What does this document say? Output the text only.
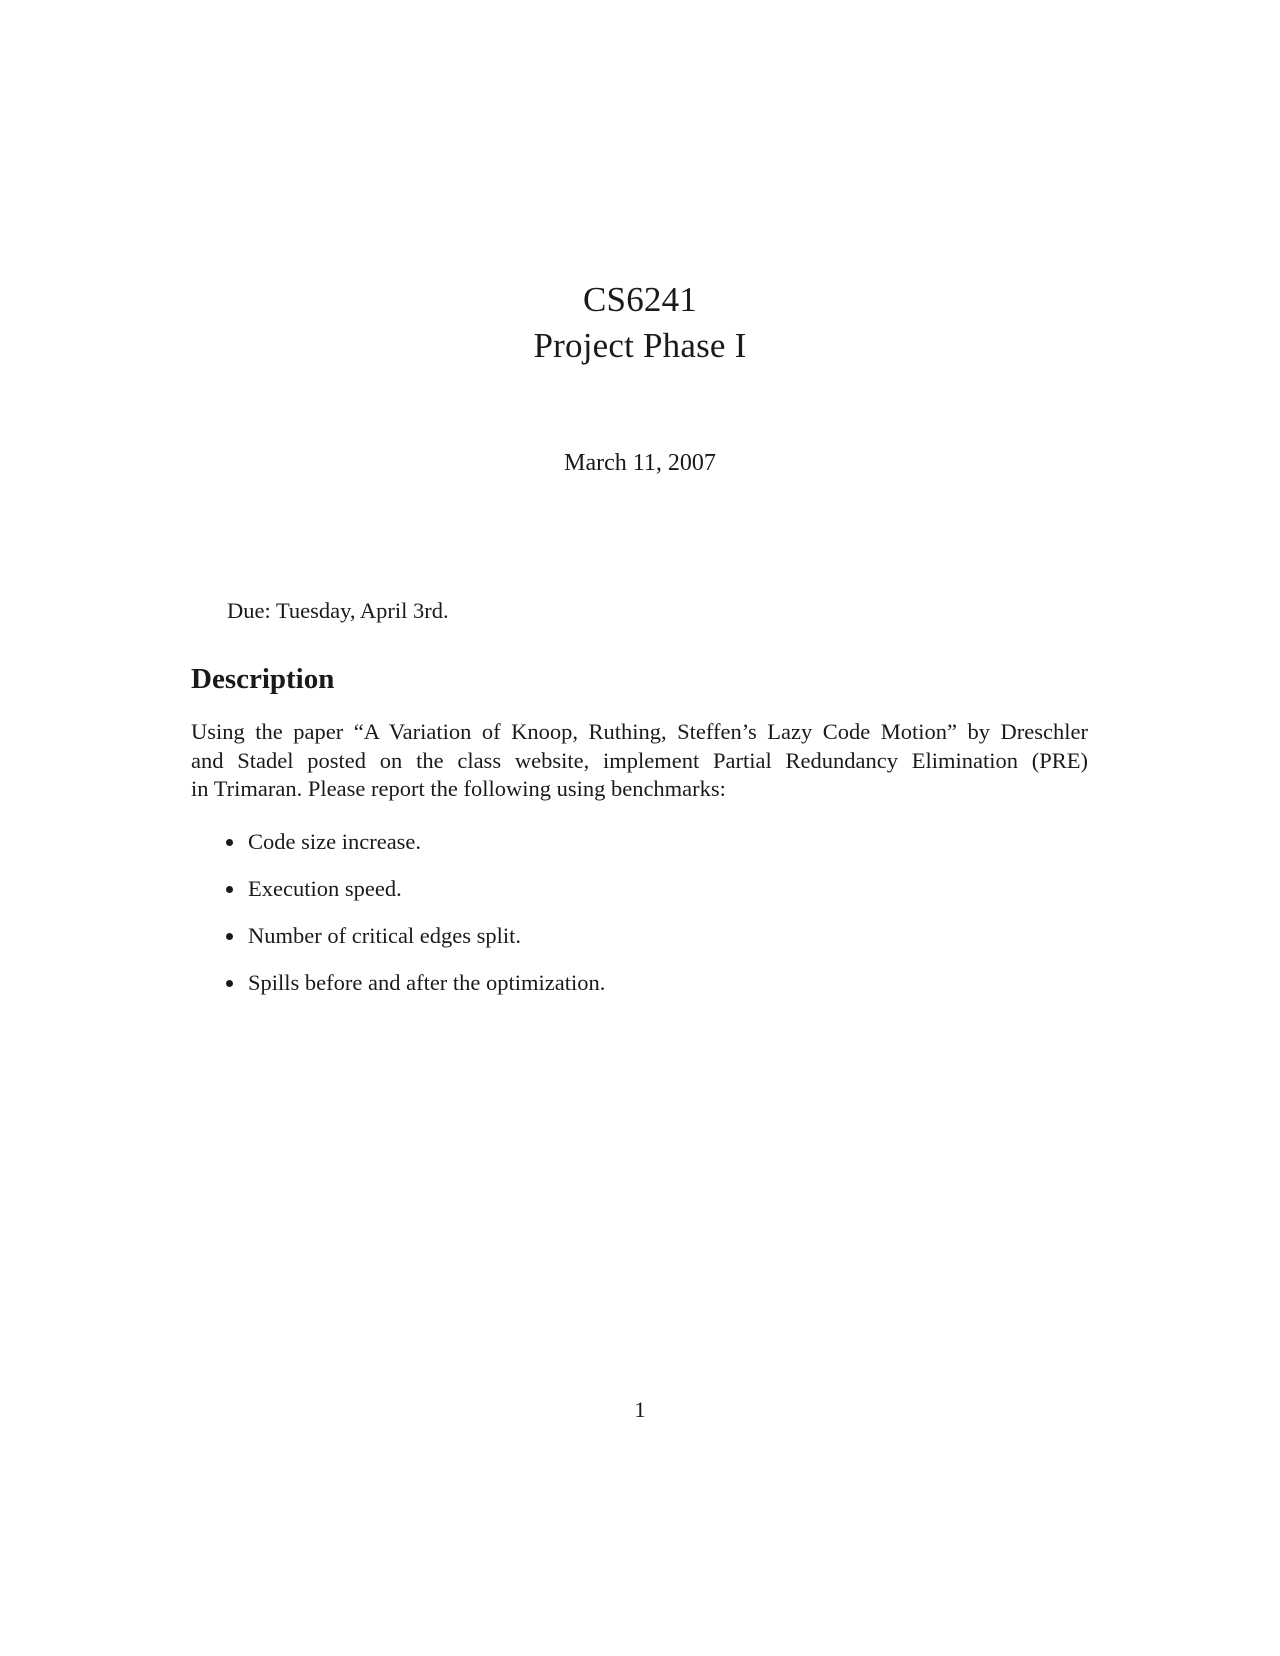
CS6241
Project Phase I
March 11, 2007
Due: Tuesday, April 3rd.
Description
Using the paper “A Variation of Knoop, Ruthing, Steffen’s Lazy Code Motion” by Dreschler
and Stadel posted on the class website, implement Partial Redundancy Elimination (PRE)
in Trimaran. Please report the following using benchmarks:
Code size increase.
Execution speed.
Number of critical edges split.
Spills before and after the optimization.
1
